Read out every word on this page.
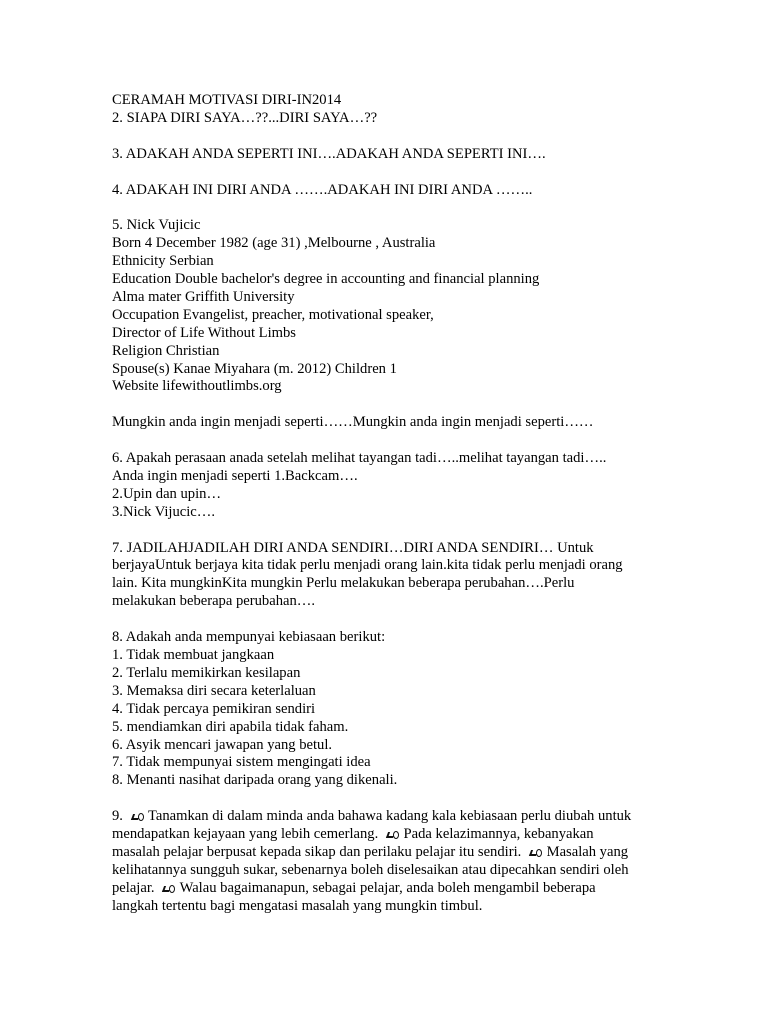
CERAMAH MOTIVASI DIRI-IN2014
2. SIAPA DIRI SAYA…??...DIRI SAYA…??
3. ADAKAH ANDA SEPERTI INI….ADAKAH ANDA SEPERTI INI….
4. ADAKAH INI DIRI ANDA …….ADAKAH INI DIRI ANDA ……..
5. Nick Vujicic
Born 4 December 1982 (age 31) ,Melbourne , Australia
Ethnicity Serbian
Education Double bachelor's degree in accounting and financial planning
Alma mater Griffith University
Occupation Evangelist, preacher, motivational speaker,
Director of Life Without Limbs
Religion Christian
Spouse(s) Kanae Miyahara (m. 2012) Children 1
Website lifewithoutlimbs.org
Mungkin anda ingin menjadi seperti……Mungkin anda ingin menjadi seperti……
6. Apakah perasaan anada setelah melihat tayangan tadi…..melihat tayangan tadi…..
Anda ingin menjadi seperti 1.Backcam….
2.Upin dan upin…
3.Nick Vijucic….
7. JADILAHJADILAH DIRI ANDA SENDIRI…DIRI ANDA SENDIRI… Untuk
berjayaUntuk berjaya kita tidak perlu menjadi orang lain.kita tidak perlu menjadi orang
lain. Kita mungkinKita mungkin Perlu melakukan beberapa perubahan….Perlu
melakukan beberapa perubahan….
8. Adakah anda mempunyai kebiasaan berikut:
1. Tidak membuat jangkaan
2. Terlalu memikirkan kesilapan
3. Memaksa diri secara keterlaluan
4. Tidak percaya pemikiran sendiri
5. mendiamkan diri apabila tidak faham.
6. Asyik mencari jawapan yang betul.
7. Tidak mempunyai sistem mengingati idea
8. Menanti nasihat daripada orang yang dikenali.
9. Tanamkan di dalam minda anda bahawa kadang kala kebiasaan perlu diubah untuk
mendapatkan kejayaan yang lebih cemerlang. Pada kelazimannya, kebanyakan
masalah pelajar berpusat kepada sikap dan perilaku pelajar itu sendiri. Masalah yang
kelihatannya sungguh sukar, sebenarnya boleh diselesaikan atau dipecahkan sendiri oleh
pelajar. Walau bagaimanapun, sebagai pelajar, anda boleh mengambil beberapa
langkah tertentu bagi mengatasi masalah yang mungkin timbul.
